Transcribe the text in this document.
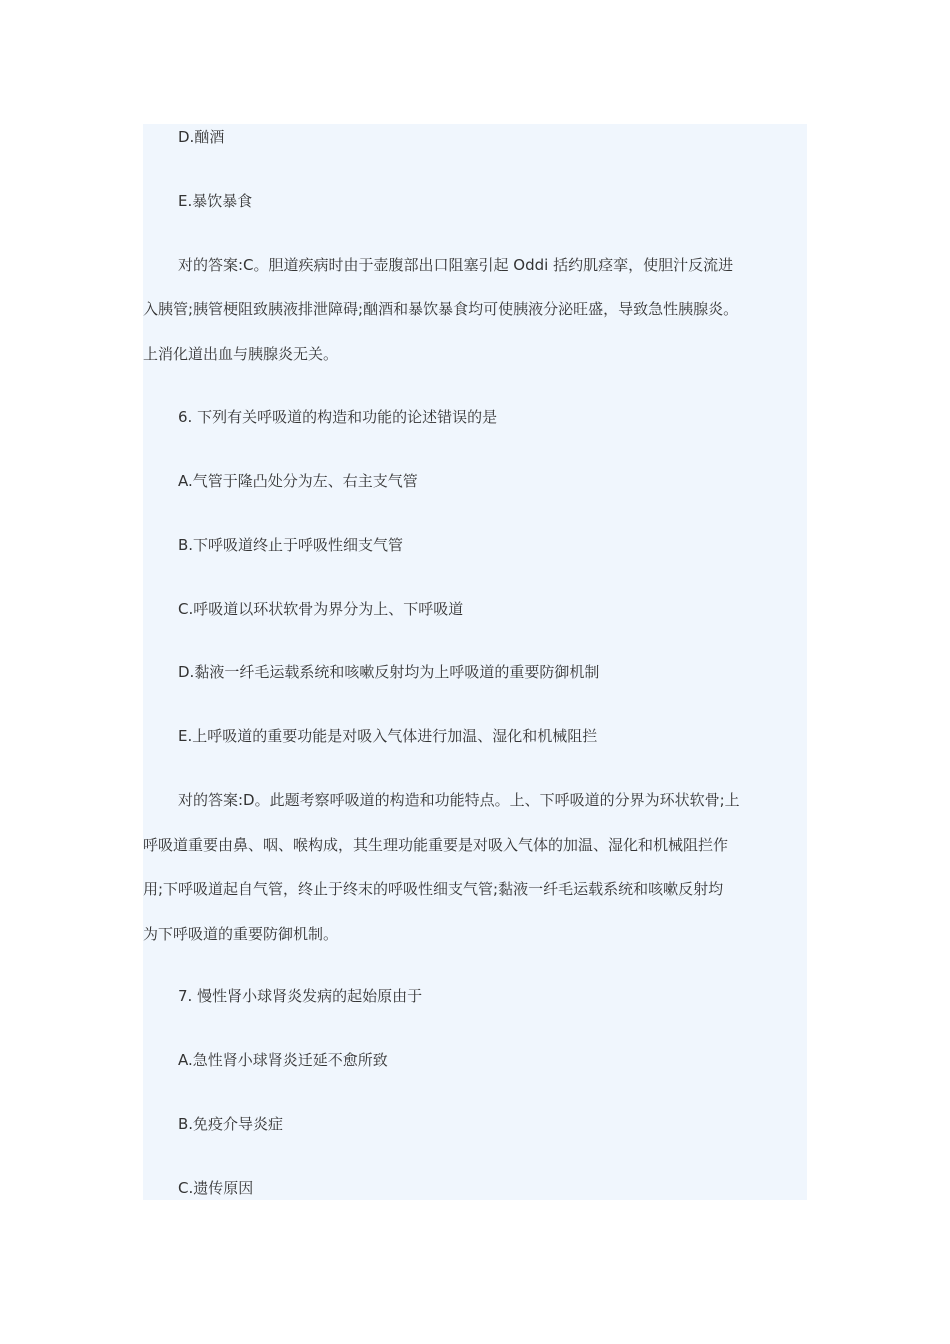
D.酗酒

E.暴饮暴食

对的答案:C。胆道疾病时由于壶腹部出口阻塞引起 Oddi 括约肌痉挛，使胆汁反流进

入胰管;胰管梗阻致胰液排泄障碍;酗酒和暴饮暴食均可使胰液分泌旺盛，导致急性胰腺炎。

上消化道出血与胰腺炎无关。

6. 下列有关呼吸道的构造和功能的论述错误的是

A.气管于隆凸处分为左、右主支气管

B.下呼吸道终止于呼吸性细支气管

C.呼吸道以环状软骨为界分为上、下呼吸道

D.黏液一纤毛运载系统和咳嗽反射均为上呼吸道的重要防御机制

E.上呼吸道的重要功能是对吸入气体进行加温、湿化和机械阻拦

对的答案:D。此题考察呼吸道的构造和功能特点。上、下呼吸道的分界为环状软骨;上

呼吸道重要由鼻、咽、喉构成，其生理功能重要是对吸入气体的加温、湿化和机械阻拦作

用;下呼吸道起自气管，终止于终末的呼吸性细支气管;黏液一纤毛运载系统和咳嗽反射均

为下呼吸道的重要防御机制。

7. 慢性肾小球肾炎发病的起始原由于

A.急性肾小球肾炎迁延不愈所致

B.免疫介导炎症

C.遗传原因
